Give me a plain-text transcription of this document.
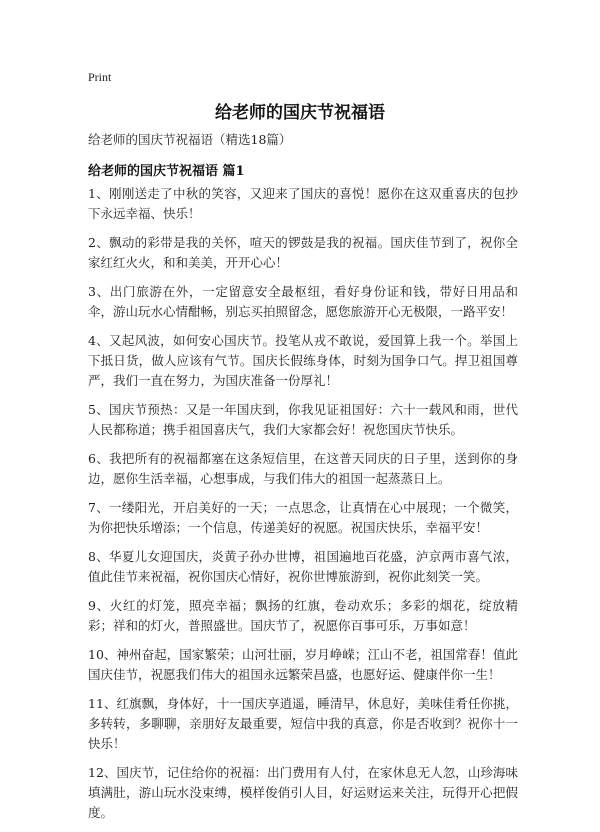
Print
给老师的国庆节祝福语
给老师的国庆节祝福语（精选18篇）
给老师的国庆节祝福语 篇1

1、刚刚送走了中秋的笑容，又迎来了国庆的喜悦！愿你在这双重喜庆的包抄下永远幸福、快乐！

2、飘动的彩带是我的关怀，喧天的锣鼓是我的祝福。国庆佳节到了，祝你全家红红火火，和和美美，开开心心！

3、出门旅游在外，一定留意安全最枢纽，看好身份证和钱，带好日用品和伞，游山玩水心情酣畅，别忘买拍照留念，愿您旅游开心无极限，一路平安！

4、又起风波，如何安心国庆节。投笔从戎不敢说，爱国算上我一个。举国上下抵日货，做人应该有气节。国庆长假练身体，时刻为国争口气。捍卫祖国尊严，我们一直在努力，为国庆准备一份厚礼！

5、国庆节预热：又是一年国庆到，你我见证祖国好：六十一载风和雨，世代人民都称道；携手祖国喜庆气，我们大家都会好！祝您国庆节快乐。

6、我把所有的祝福都塞在这条短信里，在这普天同庆的日子里，送到你的身边，愿你生活幸福，心想事成，与我们伟大的祖国一起蒸蒸日上。

7、一缕阳光，开启美好的一天；一点思念，让真情在心中展现；一个微笑，为你把快乐增添；一个信息，传递美好的祝愿。祝国庆快乐，幸福平安！

8、华夏儿女迎国庆，炎黄子孙办世博，祖国遍地百花盛，泸京两市喜气浓，值此佳节来祝福，祝你国庆心情好，祝你世博旅游到，祝你此刻笑一笑。

9、火红的灯笼，照亮幸福；飘扬的红旗，卷动欢乐；多彩的烟花，绽放精彩；祥和的灯火，普照盛世。国庆节了，祝愿你百事可乐，万事如意！

10、神州奋起，国家繁荣；山河壮丽，岁月峥嵘；江山不老，祖国常春！值此国庆佳节，祝愿我们伟大的祖国永远繁荣昌盛，也愿好运、健康伴你一生！

11、红旗飘，身体好，十一国庆享逍遥，睡清早，休息好，美味佳肴任你挑，多转转，多聊聊，亲朋好友最重要，短信中我的真意，你是否收到？祝你十一快乐！

12、国庆节，记住给你的祝福：出门费用有人付，在家休息无人忽，山珍海味填满肚，游山玩水没束缚，模样俊俏引人目，好运财运来关注，玩得开心把假度。
